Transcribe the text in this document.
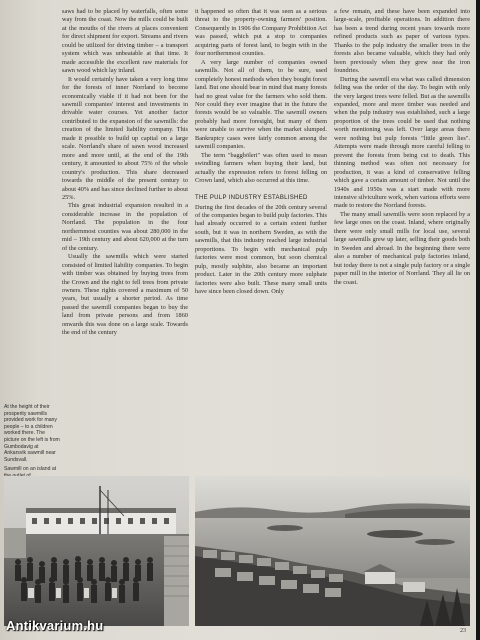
saws had to be placed by waterfalls, often some way from the coast. Now the mills could be built at the mouths of the rivers at places convenient for direct shipment for export. Streams and rivers could be utilized for driving timber – a transport system which was unbeatable at that time. It made accessible the excellent raw materials for sawn wood which lay inland.

It would certainly have taken a very long time for the forests of inner Norrland to become economically viable if it had not been for the sawmill companies' interest and investments in drivable water courses. Yet another factor contributed to the expansion of the sawmills: the creation of the limited liability company. This made it possible to build up capital on a large scale. Norrland's share of sawn wood increased more and more until, at the end of the 19th century, it amounted to about 75% of the whole country's production. This share decreased towards the middle of the present century to about 40% and has since declined further to about 25%.

This great industrial expansion resulted in a considerable increase in the population of Norrland. The population in the four northernmost counties was about 280,000 in the mid – 19th century and about 620,000 at the turn of the century.

Usually the sawmills which were started consisted of limited liability companies. To begin with timber was obtained by buying trees from the Crown and the right to fell trees from private owners. These rights covered a maximum of 50 years, but usually a shorter period. As time passed the sawmill companies began to buy the land from private persons and from 1860 onwards this was done on a large scale. Towards the end of the century

it happened so often that it was seen as a serious threat to the property-owning farmers' position. Consequently in 1906 the Company Prohibition Act was passed, which put a stop to companies acquiring parts of forest land, to begin with in the four northernmost counties.

A very large number of companies owned sawmills. Not all of them, to be sure, used completely honest methods when they bought forest land. But one should bear in mind that many forests had no great value for the farmers who sold them. Nor could they ever imagine that in the future the forests would be so valuable. The sawmill owners probably had more foresight, but many of them were unable to survive when the market slumped. Bankruptcy cases were fairly common among the sawmill companies.

The term "baggböleri" was often used to mean swindling farmers when buying their land, but actually the expression refers to forest felling on Crown land, which also occurred at this time.

THE PULP INDUSTRY ESTABLISHED

During the first decades of the 20th century several of the companies began to build pulp factories. This had already occurred to a certain extent further south, but it was in northern Sweden, as with the sawmills, that this industry reached large industrial proportions. To begin with mechanical pulp factories were most common, but soon chemical pulp, mostly sulphite, also became an important product. Later in the 20th century more sulphate factories were also built. These many small units have since been closed down. Only

a few remain, and these have been expanded into large-scale, profitable operations. In addition there has been a trend during recent years towards more refined products such as paper of various types. Thanks to the pulp industry the smaller trees in the forests also became valuable, which they had only been previously when they grew near the iron foundries.

During the sawmill era what was called dimension felling was the order of the day. To begin with only the very largest trees were felled. But as the sawmills expanded, more and more timber was needed and when the pulp industry was established, such a large proportion of the trees could be used that nothing worth mentioning was left. Over large areas there were nothing but pulp forests "little green lies". Attempts were made through more careful felling to prevent the forests from being cut to death. This thinning method was often not necessary for production, it was a kind of conservative felling which gave a certain amount of timber. Not until the 1940s and 1950s was a start made with more intensive silviculture work, when various efforts were made to restore the Norrland forests.

The many small sawmills were soon replaced by a few large ones on the coast. Inland, where originally there were only small mills for local use, several large sawmills grew up later, selling their goods both in Sweden and abroad. In the beginning there were also a number of mechanical pulp factories inland, but today there is not a single pulp factory or a single paper mill in the interior of Norrland. They all lie on the coast.

At the height of their prosperity sawmills provided work for many people – to a children worked there. The picture on the left is from Gumbodavig at Ankarsvik sawmill near Sundsvall.

Sawmill on an island at

Antikvarium.hu	23
